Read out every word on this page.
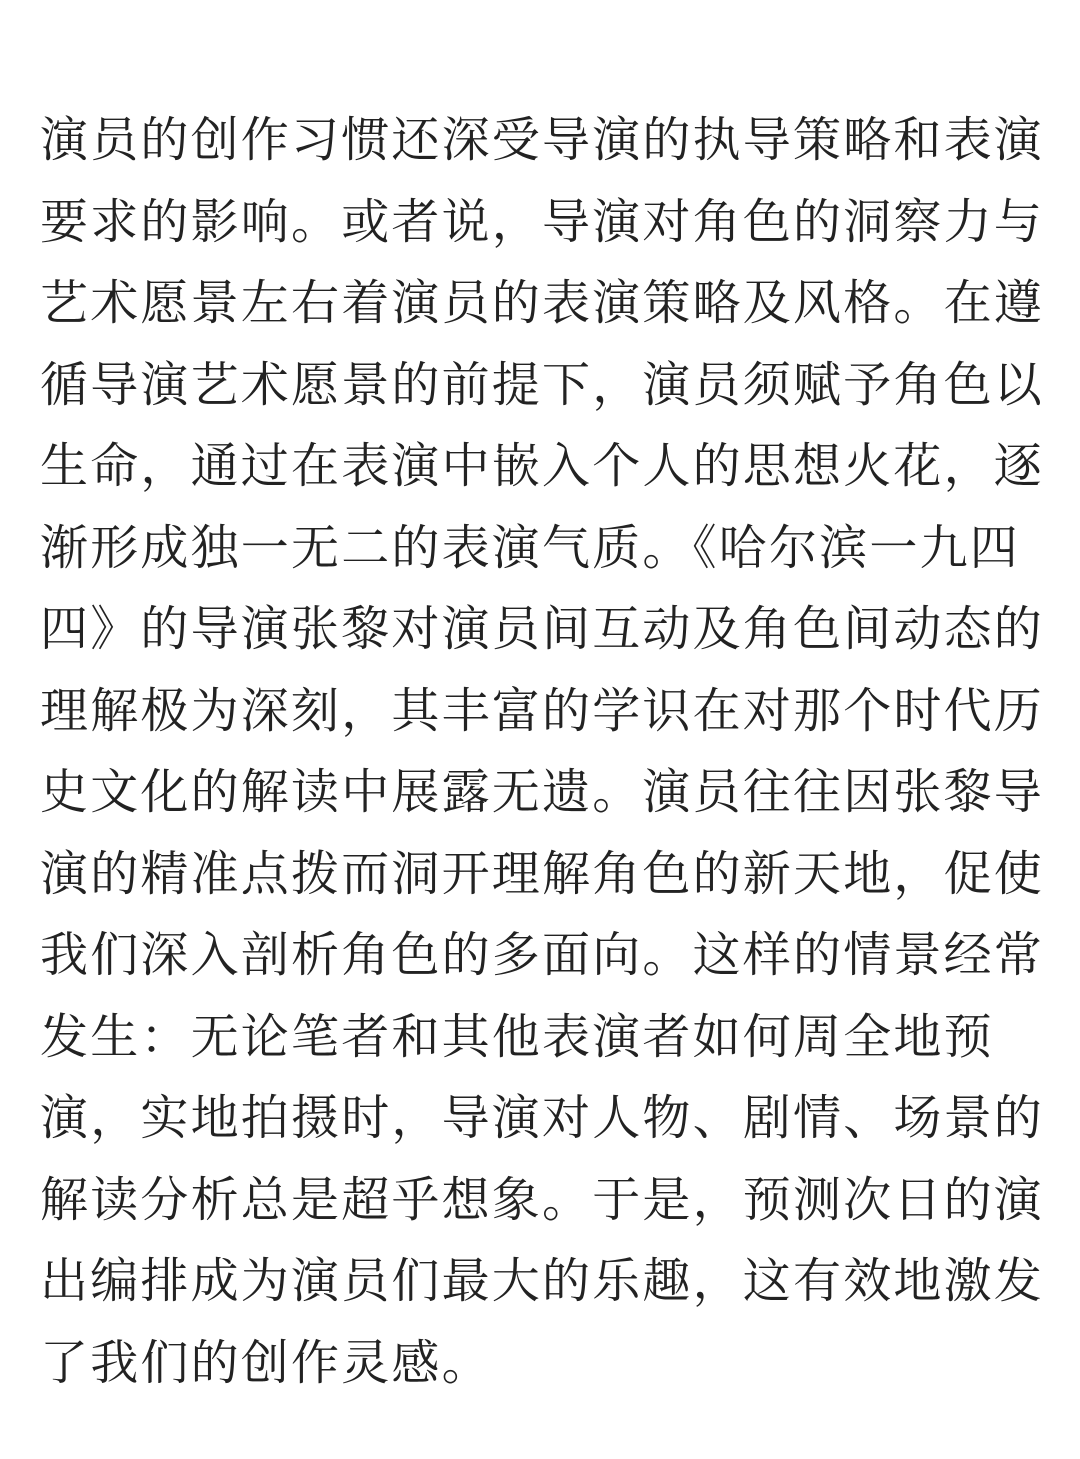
演员的创作习惯还深受导演的执导策略和表演
要求的影响。或者说，导演对角色的洞察力与
艺术愿景左右着演员的表演策略及风格。在遵
循导演艺术愿景的前提下，演员须赋予角色以
生命，通过在表演中嵌入个人的思想火花，逐
渐形成独一无二的表演气质。《哈尔滨一九四
四》的导演张黎对演员间互动及角色间动态的
理解极为深刻，其丰富的学识在对那个时代历
史文化的解读中展露无遗。演员往往因张黎导
演的精准点拨而洞开理解角色的新天地，促使
我们深入剖析角色的多面向。这样的情景经常
发生：无论笔者和其他表演者如何周全地预
演，实地拍摄时，导演对人物、剧情、场景的
解读分析总是超乎想象。于是，预测次日的演
出编排成为演员们最大的乐趣，这有效地激发
了我们的创作灵感。
